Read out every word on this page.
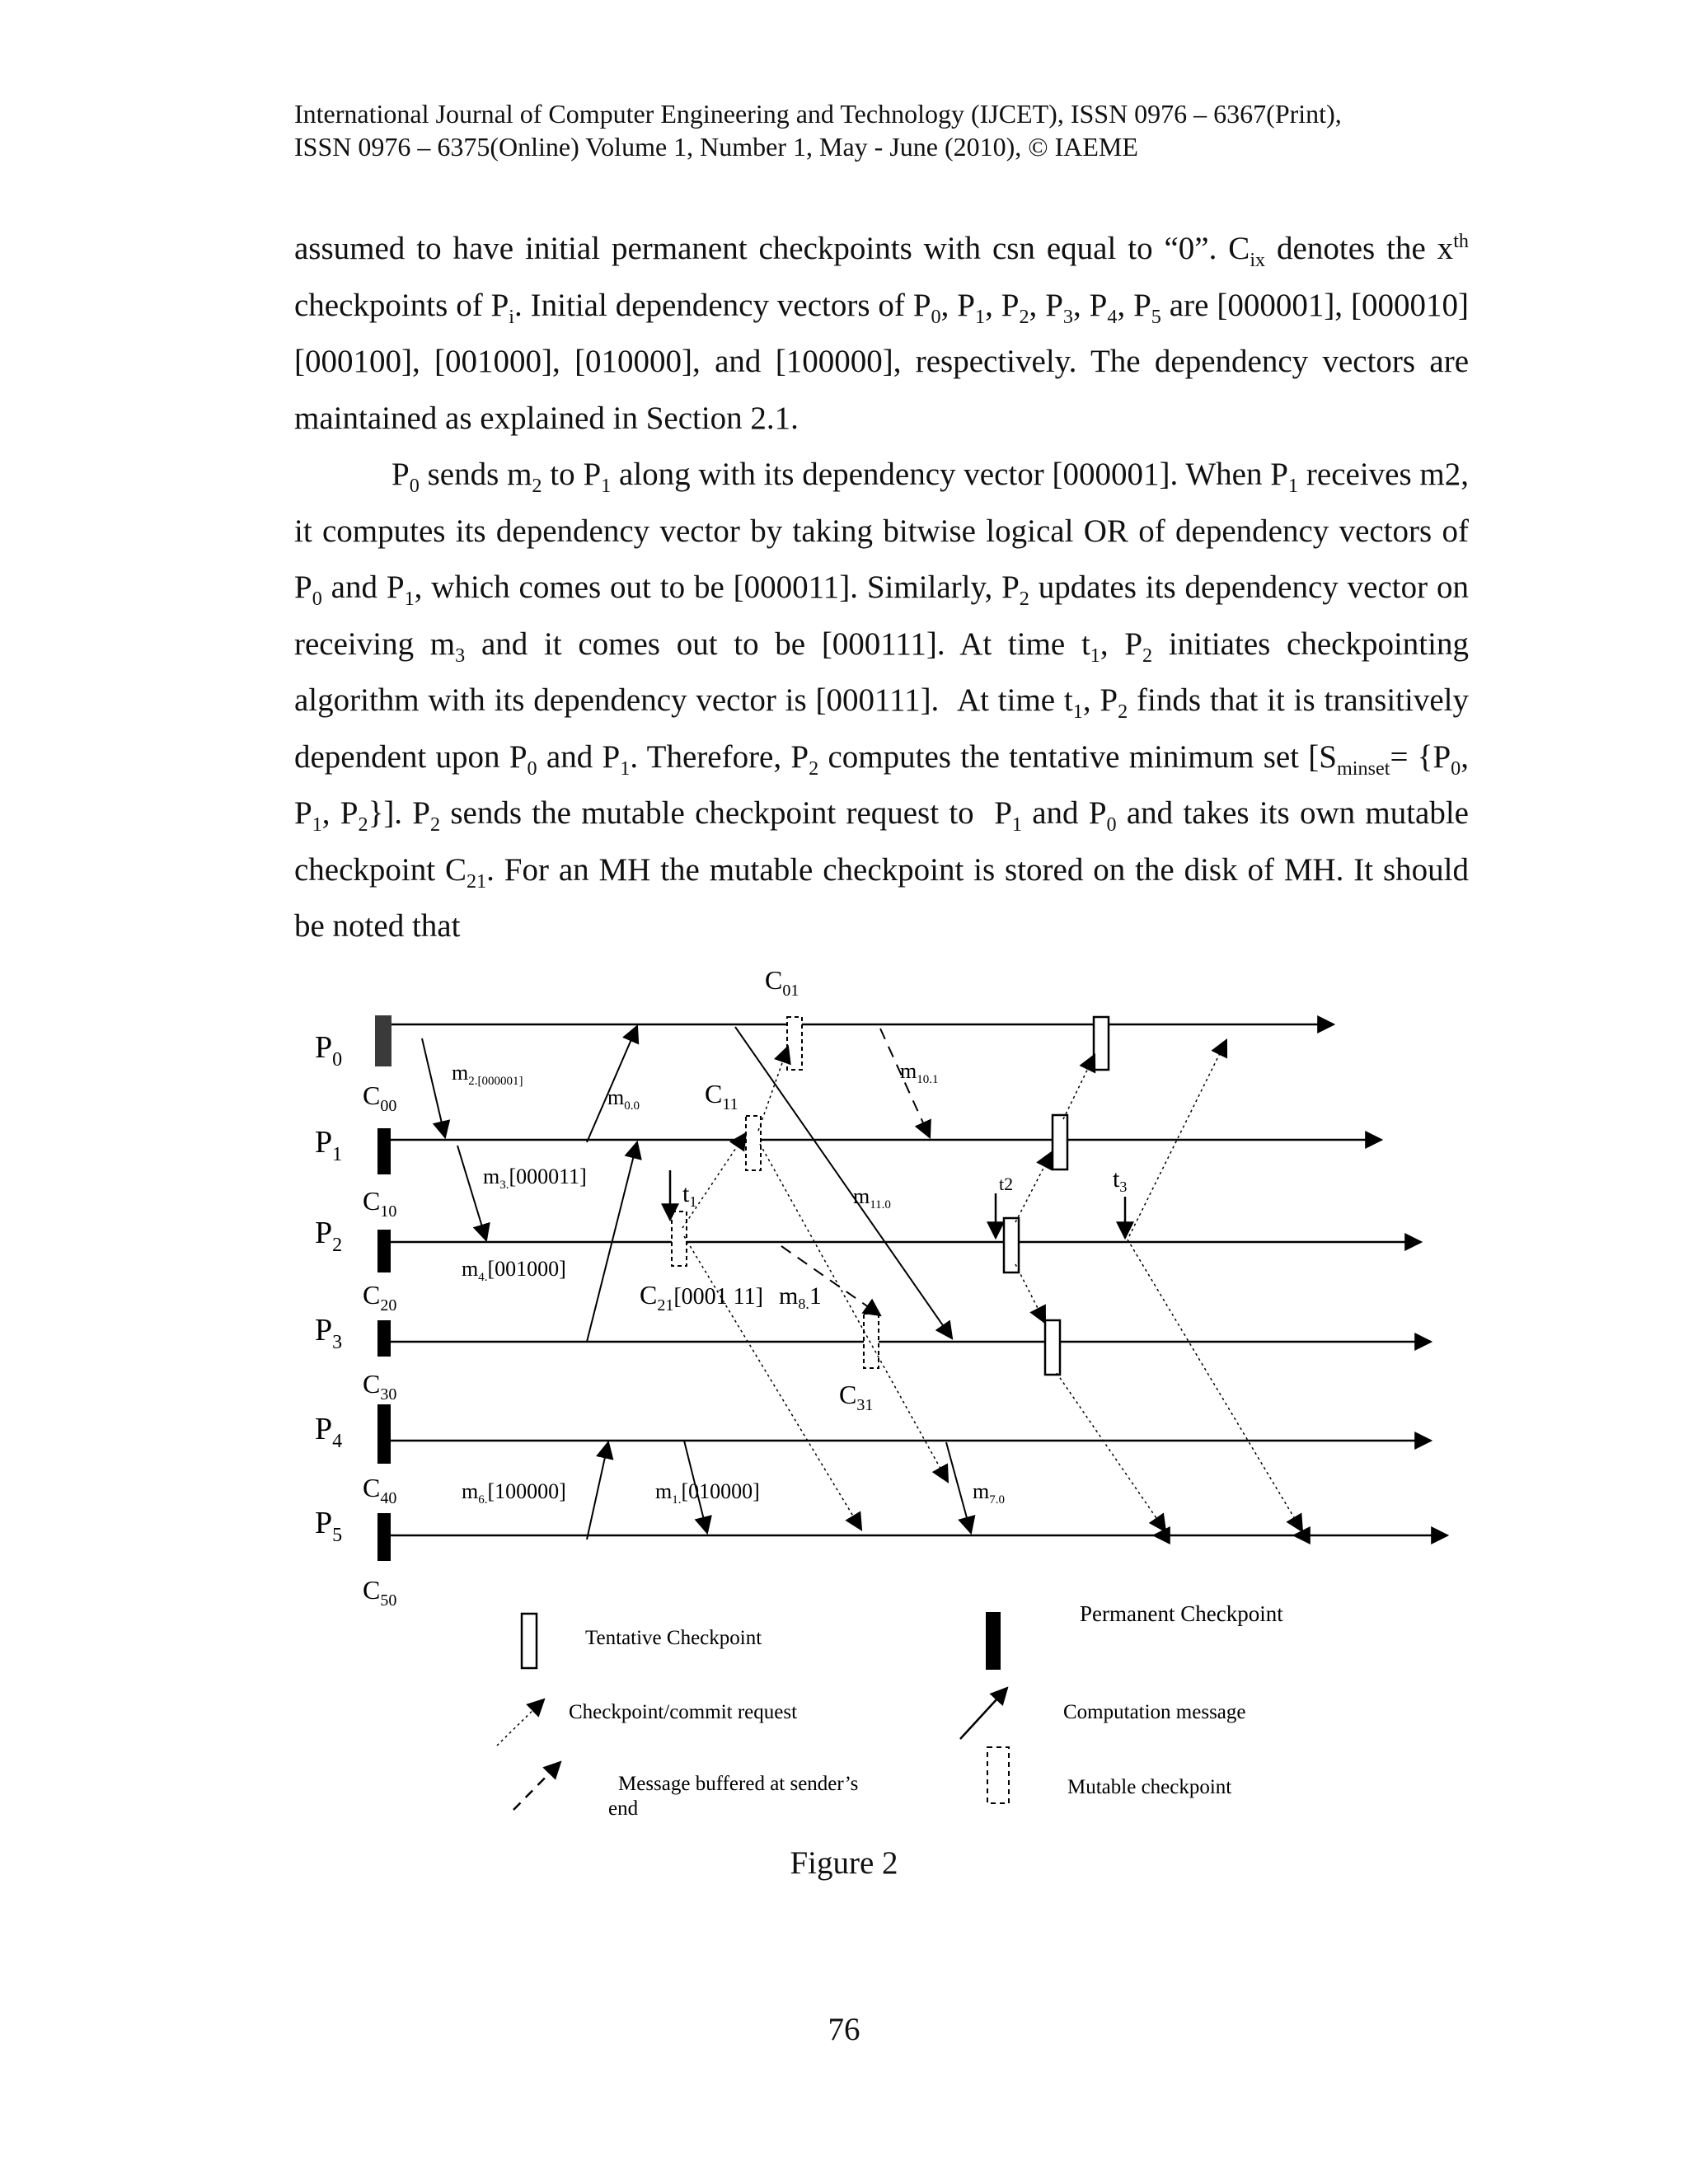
International Journal of Computer Engineering and Technology (IJCET), ISSN 0976 – 6367(Print),
ISSN 0976 – 6375(Online) Volume 1, Number 1, May - June (2010), © IAEME

assumed to have initial permanent checkpoints with csn equal to “0”. $C_{ix}$ denotes the $x^{th}$ checkpoints of $P_i$. Initial dependency vectors of $P_0$, $P_1$, $P_2$, $P_3$, $P_4$, $P_5$ are [000001], [000010] [000100], [001000], [010000], and [100000], respectively. The dependency vectors are maintained as explained in Section 2.1.

$P_0$ sends $m_2$ to $P_1$ along with its dependency vector [000001]. When $P_1$ receives m2, it computes its dependency vector by taking bitwise logical OR of dependency vectors of $P_0$ and $P_1$, which comes out to be [000011]. Similarly, $P_2$ updates its dependency vector on receiving $m_3$ and it comes out to be [000111]. At time $t_1$, $P_2$ initiates checkpointing algorithm with its dependency vector is [000111].  At time $t_1$, $P_2$ finds that it is transitively dependent upon $P_0$ and $P_1$. Therefore, $P_2$ computes the tentative minimum set [$S_{minset}= \{P_0$, $P_1$, $P_2$}]. $P_2$ sends the mutable checkpoint request to  $P_1$ and $P_0$ and takes its own mutable checkpoint $C_{21}$. For an MH the mutable checkpoint is stored on the disk of MH. It should be noted that

$P_0$
$P_1$
$P_2$
$P_3$
$P_4$
$P_5$
$C_{01}$
$C_{00}$	$C_{11}$
$C_{10}$
$C_{20}$	$C_{21}[0001$ 11]
$C_{30}$	$C_{31}$
$C_{40}$
$C_{50}$
$m_{2.[000001]}$
$m_{0.0}$
$m_{10.1}$
$m_{3.}[000011]$
$m_{11.0}$
$m_{4.}[001000]$
$m_{8.}1$
$m_{6.}[100000]$	$m_{1.}[010000]$	$m_{7.0}$
$t_1$
t2	$t_3$
Tentative Checkpoint
Permanent Checkpoint
Checkpoint/commit request	Computation message
Message buffered at sender’s
end
Mutable checkpoint
Figure 2
76
